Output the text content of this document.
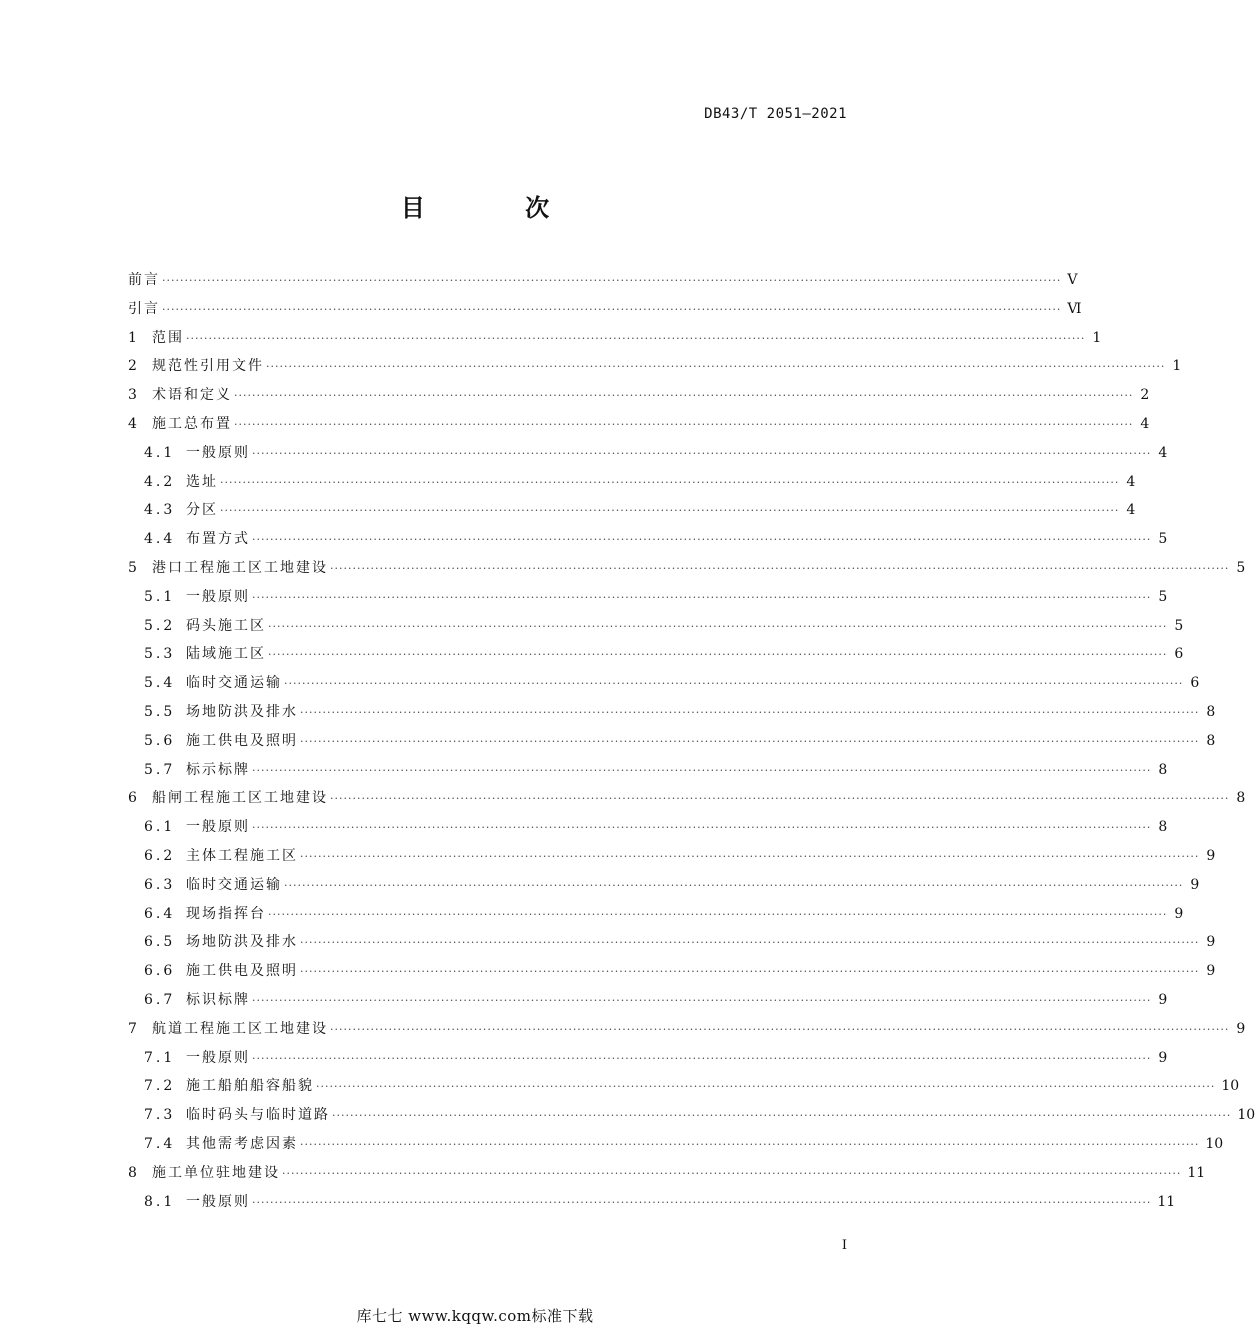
DB43/T 2051—2021
目 次
前言 ········································································································································································································ V
引言 ········································································································································································································ Ⅵ
1 范围 ········································································································································································································ 1
2 规范性引用文件 ········································································································································································································ 1
3 术语和定义 ········································································································································································································ 2
4 施工总布置 ········································································································································································································ 4
4.1 一般原则 ········································································································································································································ 4
4.2 选址 ········································································································································································································ 4
4.3 分区 ········································································································································································································ 4
4.4 布置方式 ········································································································································································································ 5
5 港口工程施工区工地建设 ········································································································································································································ 5
5.1 一般原则 ········································································································································································································ 5
5.2 码头施工区 ········································································································································································································ 5
5.3 陆域施工区 ········································································································································································································ 6
5.4 临时交通运输 ········································································································································································································ 6
5.5 场地防洪及排水 ········································································································································································································ 8
5.6 施工供电及照明 ········································································································································································································ 8
5.7 标示标牌 ········································································································································································································ 8
6 船闸工程施工区工地建设 ········································································································································································································ 8
6.1 一般原则 ········································································································································································································ 8
6.2 主体工程施工区 ········································································································································································································ 9
6.3 临时交通运输 ········································································································································································································ 9
6.4 现场指挥台 ········································································································································································································ 9
6.5 场地防洪及排水 ········································································································································································································ 9
6.6 施工供电及照明 ········································································································································································································ 9
6.7 标识标牌 ········································································································································································································ 9
7 航道工程施工区工地建设 ········································································································································································································ 9
7.1 一般原则 ········································································································································································································ 9
7.2 施工船舶船容船貌 ········································································································································································································ 10
7.3 临时码头与临时道路 ········································································································································································································ 10
7.4 其他需考虑因素 ········································································································································································································ 10
8 施工单位驻地建设 ········································································································································································································ 11
8.1 一般原则 ········································································································································································································ 11
I
库七七 www.kqqw.com标准下载
